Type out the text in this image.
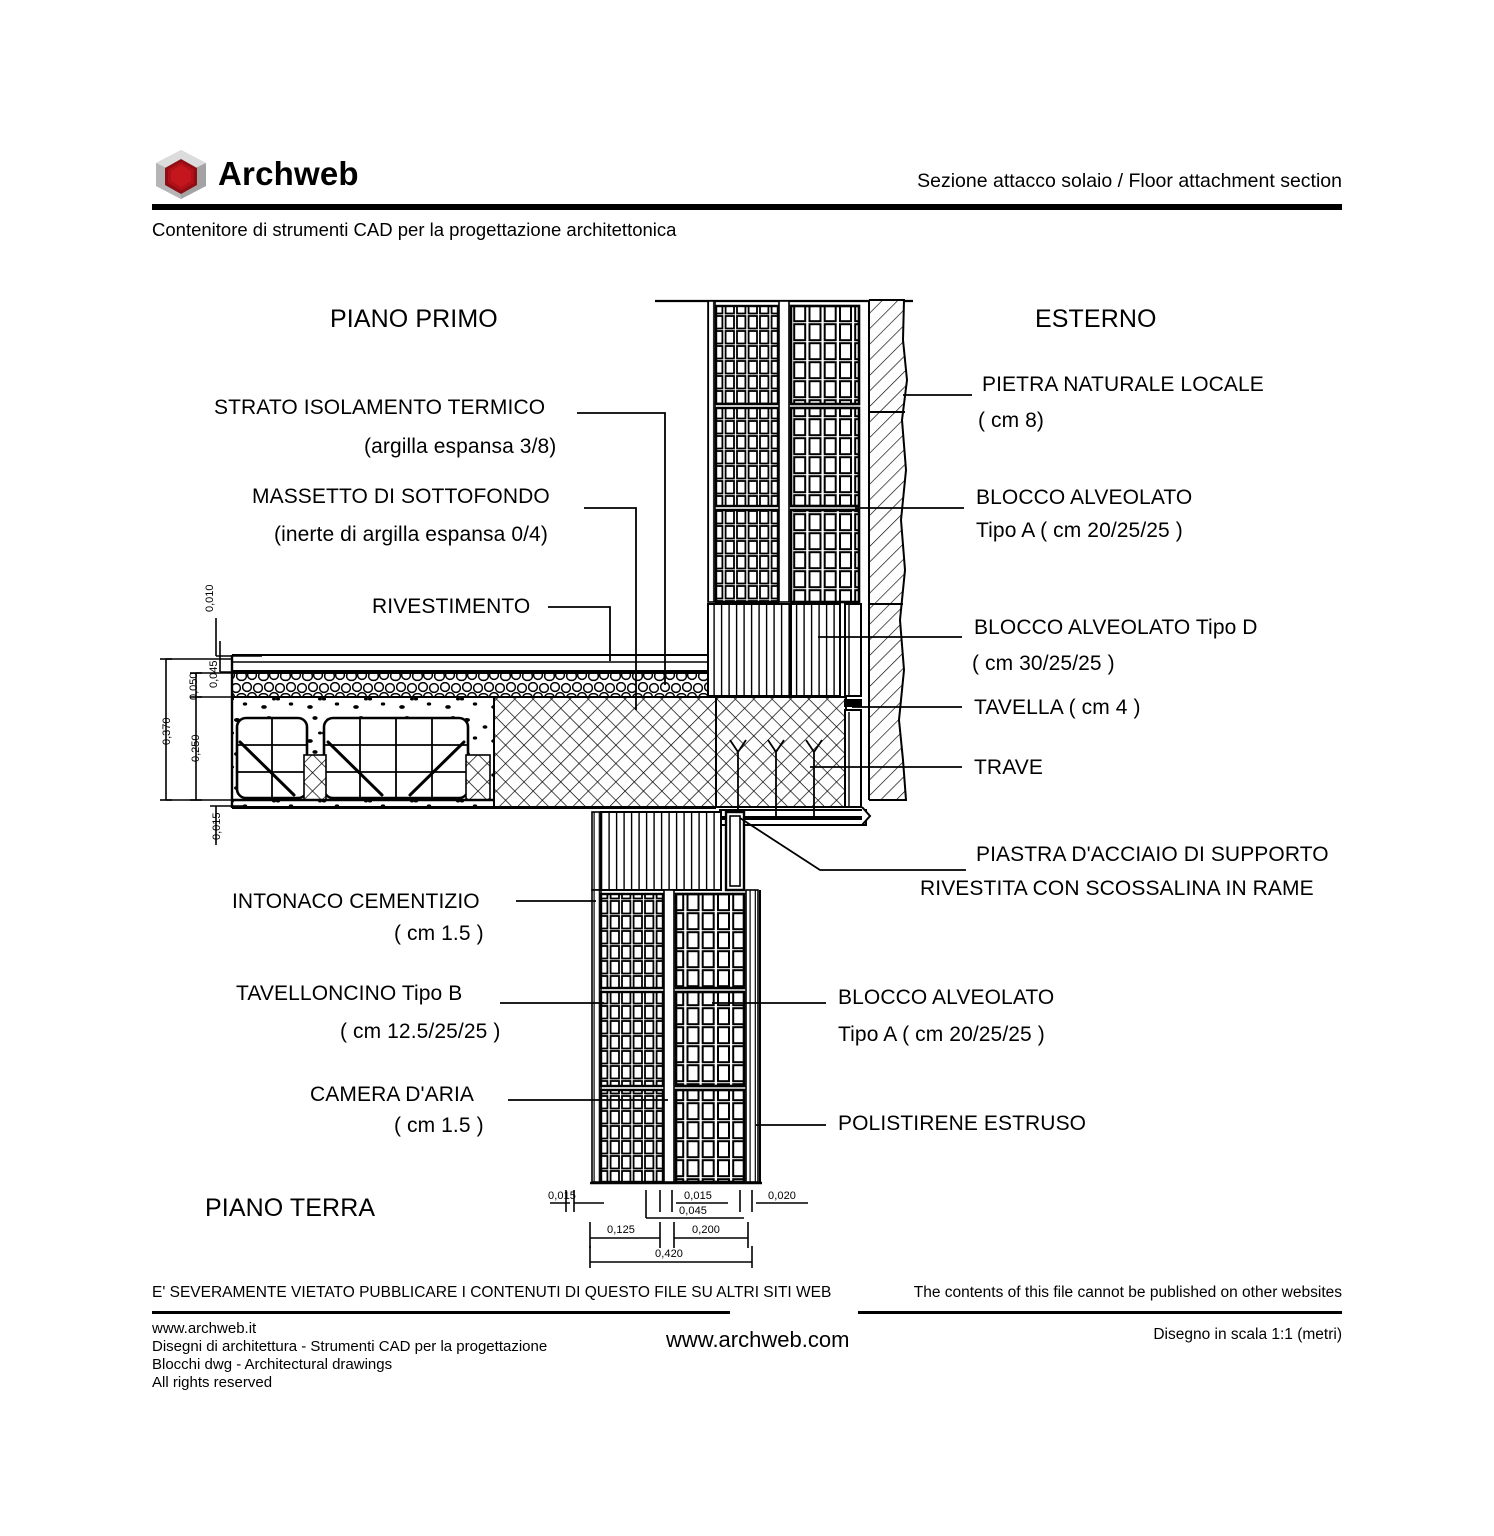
Archweb	Sezione attacco solaio / Floor attachment section
Contenitore di strumenti CAD per la progettazione architettonica
PIANO PRIMO	ESTERNO
PIANO TERRA
STRATO ISOLAMENTO TERMICO
(argilla espansa 3/8)
MASSETTO DI SOTTOFONDO
(inerte di argilla espansa 0/4)
RIVESTIMENTO
INTONACO CEMENTIZIO
( cm 1.5 )
TAVELLONCINO Tipo B
( cm 12.5/25/25 )
CAMERA D'ARIA
( cm 1.5 )
PIETRA NATURALE LOCALE
( cm 8)
BLOCCO ALVEOLATO
Tipo A ( cm 20/25/25 )
BLOCCO ALVEOLATO Tipo D
( cm 30/25/25 )
TAVELLA ( cm 4 )
TRAVE
PIASTRA D'ACCIAIO DI SUPPORTO
RIVESTITA CON SCOSSALINA IN RAME
BLOCCO ALVEOLATO
Tipo A ( cm 20/25/25 )
POLISTIRENE ESTRUSO
0,010
0,045
0,050
0,370
0,250
0,015
0,015	0,015
0,045
0,020
0,125	0,200
0,420
E' SEVERAMENTE VIETATO PUBBLICARE I CONTENUTI DI QUESTO FILE SU ALTRI SITI WEB	The contents of this file cannot be published on other websites
www.archweb.it
Disegni di architettura - Strumenti CAD per la progettazione
Blocchi dwg - Architectural drawings
All rights reserved
www.archweb.com	Disegno in scala 1:1 (metri)
